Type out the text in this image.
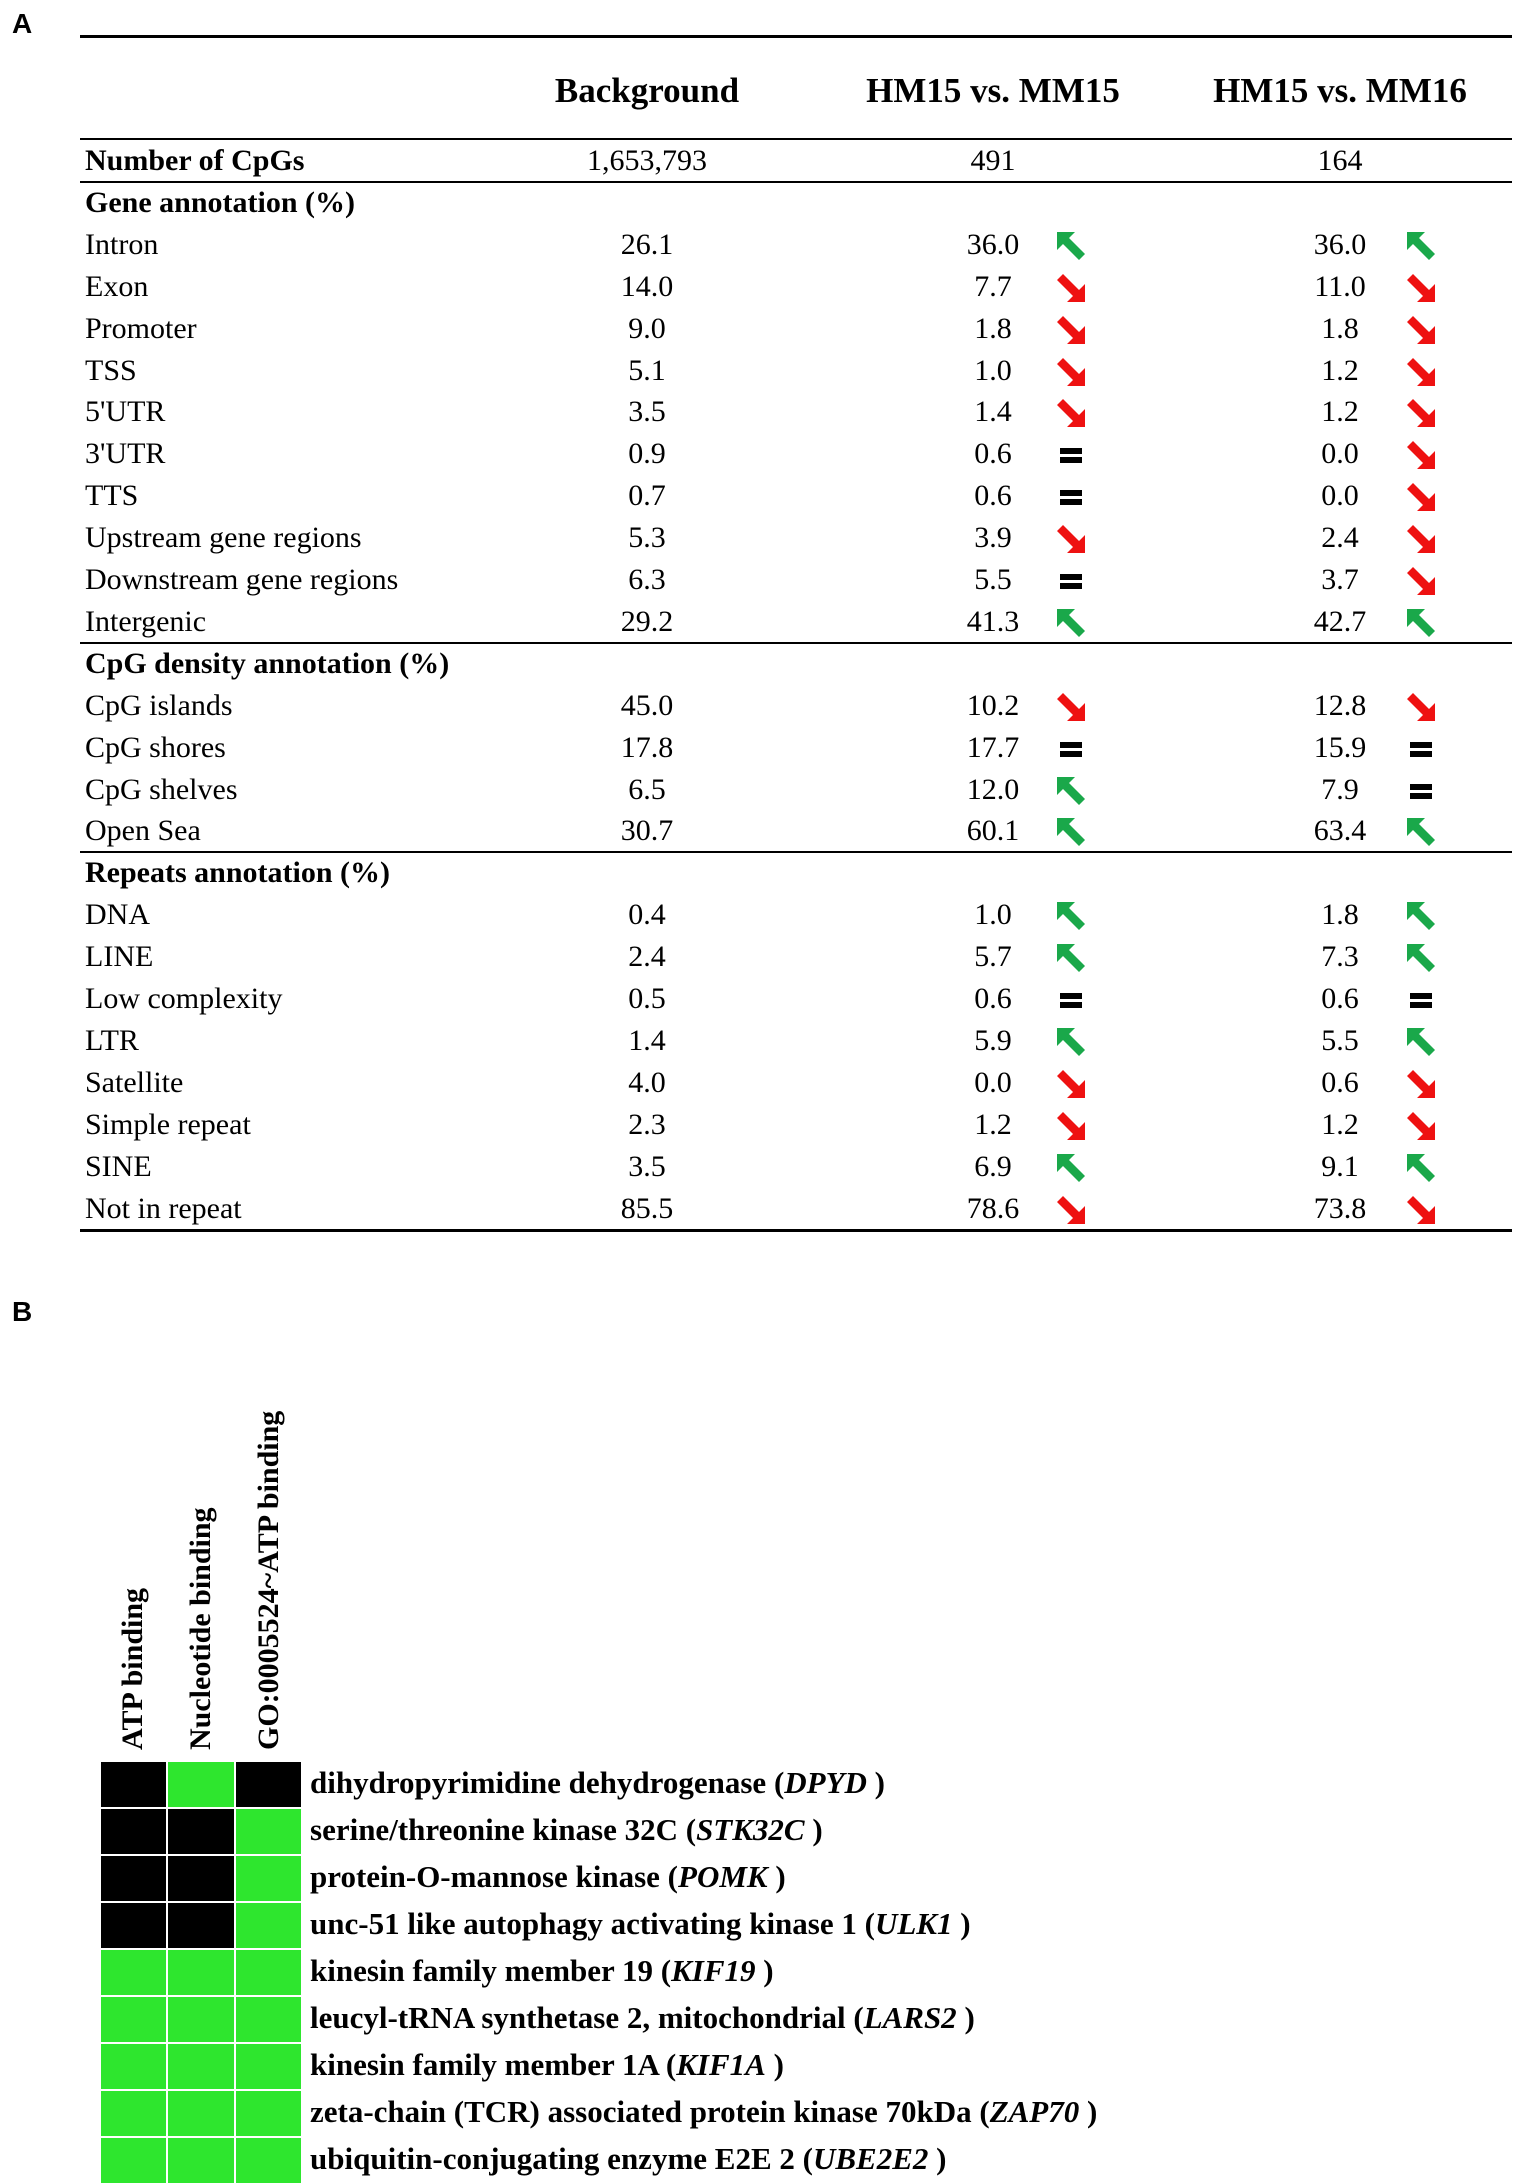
A
B
Background	HM15 vs. MM15	HM15 vs. MM16
Number of CpGs	1,653,793	491	164
Gene annotation (%)
Intron	26.1	36.0	36.0
Exon	14.0	7.7	11.0
Promoter	9.0	1.8	1.8
TSS	5.1	1.0	1.2
5'UTR	3.5	1.4	1.2
3'UTR	0.9	0.6	0.0
TTS	0.7	0.6	0.0
Upstream gene regions	5.3	3.9	2.4
Downstream gene regions	6.3	5.5	3.7
Intergenic	29.2	41.3	42.7
CpG density annotation (%)
CpG islands	45.0	10.2	12.8
CpG shores	17.8	17.7	15.9
CpG shelves	6.5	12.0	7.9
Open Sea	30.7	60.1	63.4
Repeats annotation (%)
DNA	0.4	1.0	1.8
LINE	2.4	5.7	7.3
Low complexity	0.5	0.6	0.6
LTR	1.4	5.9	5.5
Satellite	4.0	0.0	0.6
Simple repeat	2.3	1.2	1.2
SINE	3.5	6.9	9.1
Not in repeat	85.5	78.6	73.8
ATP binding Nucleotide binding GO:0005524~ATP binding
dihydropyrimidine dehydrogenase (DPYD )
serine/threonine kinase 32C (STK32C )
protein-O-mannose kinase (POMK )
unc-51 like autophagy activating kinase 1 (ULK1 )
kinesin family member 19 (KIF19 )
leucyl-tRNA synthetase 2, mitochondrial (LARS2 )
kinesin family member 1A (KIF1A )
zeta-chain (TCR) associated protein kinase 70kDa (ZAP70 )
ubiquitin-conjugating enzyme E2E 2 (UBE2E2 )
